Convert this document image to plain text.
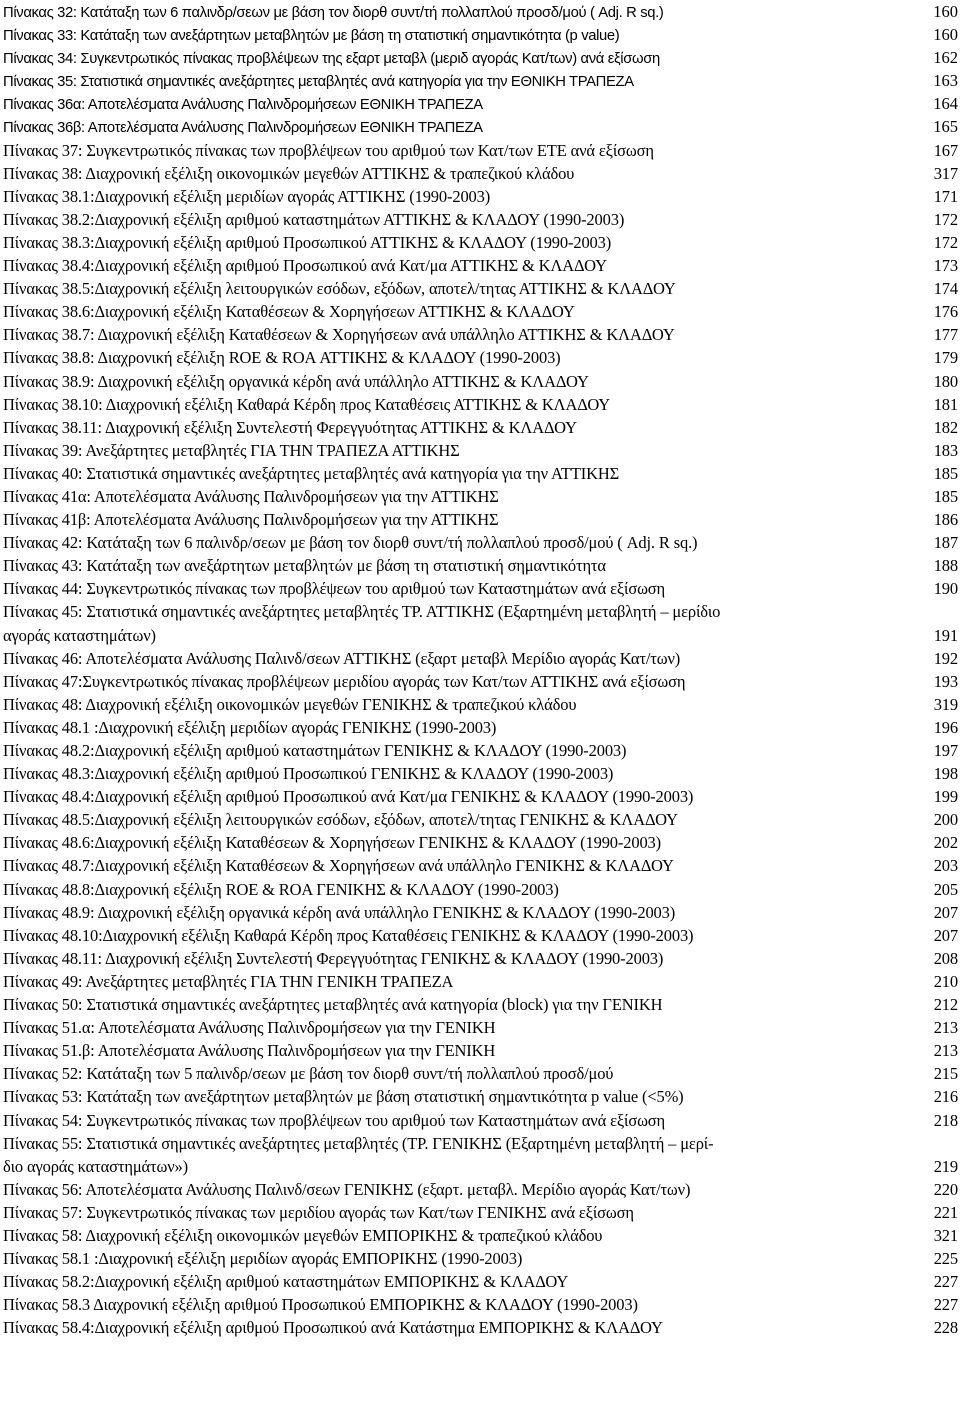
Πίνακας 32: Κατάταξη των 6 παλινδρ/σεων με βάση τον διορθ συντ/τή πολλαπλού προσδ/μού ( Adj. R sq.)	160
Πίνακας 33: Κατάταξη των ανεξάρτητων μεταβλητών με βάση τη στατιστική σημαντικότητα (p value)	160
Πίνακας 34: Συγκεντρωτικός πίνακας προβλέψεων της εξαρτ μεταβλ (μεριδ αγοράς Κατ/των) ανά εξίσωση	162
Πίνακας 35: Στατιστικά σημαντικές ανεξάρτητες μεταβλητές ανά κατηγορία για την ΕΘΝΙΚΗ ΤΡΑΠΕΖΑ	163
Πίνακας 36α: Αποτελέσματα Ανάλυσης Παλινδρομήσεων ΕΘΝΙΚΗ ΤΡΑΠΕΖΑ	164
Πίνακας 36β: Αποτελέσματα Ανάλυσης Παλινδρομήσεων ΕΘΝΙΚΗ ΤΡΑΠΕΖΑ	165
Πίνακας 37: Συγκεντρωτικός πίνακας των προβλέψεων του αριθμού των Κατ/των ΕΤΕ ανά εξίσωση	167
Πίνακας 38: Διαχρονική εξέλιξη οικονομικών μεγεθών ΑΤΤΙΚΗΣ & τραπεζικού κλάδου	317
Πίνακας 38.1:Διαχρονική εξέλιξη μεριδίων αγοράς ΑΤΤΙΚΗΣ (1990-2003)	171
Πίνακας 38.2:Διαχρονική εξέλιξη αριθμού καταστημάτων ΑΤΤΙΚΗΣ & ΚΛΑΔΟΥ (1990-2003)	172
Πίνακας 38.3:Διαχρονική εξέλιξη αριθμού Προσωπικού ΑΤΤΙΚΗΣ & ΚΛΑΔΟΥ (1990-2003)	172
Πίνακας 38.4:Διαχρονική εξέλιξη αριθμού Προσωπικού ανά Κατ/μα ΑΤΤΙΚΗΣ & ΚΛΑΔΟΥ	173
Πίνακας 38.5:Διαχρονική εξέλιξη λειτουργικών εσόδων, εξόδων, αποτελ/τητας ΑΤΤΙΚΗΣ & ΚΛΑΔΟΥ	174
Πίνακας 38.6:Διαχρονική εξέλιξη Καταθέσεων & Χορηγήσεων ΑΤΤΙΚΗΣ & ΚΛΑΔΟΥ	176
Πίνακας 38.7: Διαχρονική εξέλιξη Καταθέσεων & Χορηγήσεων ανά υπάλληλο ΑΤΤΙΚΗΣ & ΚΛΑΔΟΥ	177
Πίνακας 38.8: Διαχρονική εξέλιξη ROE & ROA ΑΤΤΙΚΗΣ & ΚΛΑΔΟΥ (1990-2003)	179
Πίνακας 38.9: Διαχρονική εξέλιξη οργανικά κέρδη ανά υπάλληλο ΑΤΤΙΚΗΣ & ΚΛΑΔΟΥ	180
Πίνακας 38.10: Διαχρονική εξέλιξη Καθαρά Κέρδη προς Καταθέσεις ΑΤΤΙΚΗΣ & ΚΛΑΔΟΥ	181
Πίνακας 38.11: Διαχρονική εξέλιξη Συντελεστή Φερεγγυότητας ΑΤΤΙΚΗΣ & ΚΛΑΔΟΥ	182
Πίνακας 39: Ανεξάρτητες μεταβλητές ΓΙΑ ΤΗΝ ΤΡΑΠΕΖΑ ΑΤΤΙΚΗΣ	183
Πίνακας 40: Στατιστικά σημαντικές ανεξάρτητες μεταβλητές ανά κατηγορία για την ΑΤΤΙΚΗΣ	185
Πίνακας 41α: Αποτελέσματα Ανάλυσης Παλινδρομήσεων για την ΑΤΤΙΚΗΣ	185
Πίνακας 41β: Αποτελέσματα Ανάλυσης Παλινδρομήσεων για την ΑΤΤΙΚΗΣ	186
Πίνακας 42: Κατάταξη των 6 παλινδρ/σεων με βάση τον διορθ συντ/τή πολλαπλού προσδ/μού ( Adj. R sq.)	187
Πίνακας 43: Κατάταξη των ανεξάρτητων μεταβλητών με βάση τη στατιστική σημαντικότητα	188
Πίνακας 44: Συγκεντρωτικός πίνακας των προβλέψεων του αριθμού των Καταστημάτων ανά εξίσωση	190
Πίνακας 45: Στατιστικά σημαντικές ανεξάρτητες μεταβλητές ΤΡ. ΑΤΤΙΚΗΣ (Εξαρτημένη μεταβλητή – μερίδιο
αγοράς καταστημάτων)	191
Πίνακας 46: Αποτελέσματα Ανάλυσης Παλινδ/σεων ΑΤΤΙΚΗΣ (εξαρτ μεταβλ Μερίδιο αγοράς Κατ/των)	192
Πίνακας 47:Συγκεντρωτικός πίνακας προβλέψεων μεριδίου αγοράς των Κατ/των ΑΤΤΙΚΗΣ ανά εξίσωση	193
Πίνακας 48: Διαχρονική εξέλιξη οικονομικών μεγεθών ΓΕΝΙΚΗΣ & τραπεζικού κλάδου	319
Πίνακας 48.1 :Διαχρονική εξέλιξη μεριδίων αγοράς ΓΕΝΙΚΗΣ (1990-2003)	196
Πίνακας 48.2:Διαχρονική εξέλιξη αριθμού καταστημάτων ΓΕΝΙΚΗΣ & ΚΛΑΔΟΥ (1990-2003)	197
Πίνακας 48.3:Διαχρονική εξέλιξη αριθμού Προσωπικού ΓΕΝΙΚΗΣ & ΚΛΑΔΟΥ (1990-2003)	198
Πίνακας 48.4:Διαχρονική εξέλιξη αριθμού Προσωπικού ανά Κατ/μα ΓΕΝΙΚΗΣ & ΚΛΑΔΟΥ (1990-2003)	199
Πίνακας 48.5:Διαχρονική εξέλιξη λειτουργικών εσόδων, εξόδων, αποτελ/τητας ΓΕΝΙΚΗΣ & ΚΛΑΔΟΥ	200
Πίνακας 48.6:Διαχρονική εξέλιξη Καταθέσεων & Χορηγήσεων ΓΕΝΙΚΗΣ & ΚΛΑΔΟΥ (1990-2003)	202
Πίνακας 48.7:Διαχρονική εξέλιξη Καταθέσεων & Χορηγήσεων ανά υπάλληλο ΓΕΝΙΚΗΣ & ΚΛΑΔΟΥ	203
Πίνακας 48.8:Διαχρονική εξέλιξη ROE & ROA ΓΕΝΙΚΗΣ & ΚΛΑΔΟΥ (1990-2003)	205
Πίνακας 48.9: Διαχρονική εξέλιξη οργανικά κέρδη ανά υπάλληλο ΓΕΝΙΚΗΣ & ΚΛΑΔΟΥ (1990-2003)	207
Πίνακας 48.10:Διαχρονική εξέλιξη Καθαρά Κέρδη προς Καταθέσεις ΓΕΝΙΚΗΣ & ΚΛΑΔΟΥ (1990-2003)	207
Πίνακας 48.11: Διαχρονική εξέλιξη Συντελεστή Φερεγγυότητας ΓΕΝΙΚΗΣ & ΚΛΑΔΟΥ (1990-2003)	208
Πίνακας 49: Ανεξάρτητες μεταβλητές ΓΙΑ ΤΗΝ ΓΕΝΙΚΗ ΤΡΑΠΕΖΑ	210
Πίνακας 50: Στατιστικά σημαντικές ανεξάρτητες μεταβλητές ανά κατηγορία (block) για την ΓΕΝΙΚΗ	212
Πίνακας 51.α: Αποτελέσματα Ανάλυσης Παλινδρομήσεων για την ΓΕΝΙΚΗ	213
Πίνακας 51.β: Αποτελέσματα Ανάλυσης Παλινδρομήσεων για την ΓΕΝΙΚΗ	213
Πίνακας 52: Κατάταξη των 5 παλινδρ/σεων με βάση τον διορθ συντ/τή πολλαπλού προσδ/μού	215
Πίνακας 53: Κατάταξη των ανεξάρτητων μεταβλητών με βάση στατιστική σημαντικότητα p value (<5%)	216
Πίνακας 54: Συγκεντρωτικός πίνακας των προβλέψεων του αριθμού των Καταστημάτων ανά εξίσωση	218
Πίνακας 55: Στατιστικά σημαντικές ανεξάρτητες μεταβλητές (ΤΡ. ΓΕΝΙΚΗΣ (Εξαρτημένη μεταβλητή – μερί-
διο αγοράς καταστημάτων»)	219
Πίνακας 56: Αποτελέσματα Ανάλυσης Παλινδ/σεων ΓΕΝΙΚΗΣ (εξαρτ. μεταβλ. Μερίδιο αγοράς Κατ/των)	220
Πίνακας 57: Συγκεντρωτικός πίνακας των μεριδίου αγοράς των Κατ/των ΓΕΝΙΚΗΣ ανά εξίσωση	221
Πίνακας 58: Διαχρονική εξέλιξη οικονομικών μεγεθών ΕΜΠΟΡΙΚΗΣ & τραπεζικού κλάδου	321
Πίνακας 58.1 :Διαχρονική εξέλιξη μεριδίων αγοράς ΕΜΠΟΡΙΚΗΣ (1990-2003)	225
Πίνακας 58.2:Διαχρονική εξέλιξη αριθμού καταστημάτων ΕΜΠΟΡΙΚΗΣ & ΚΛΑΔΟΥ	227
Πίνακας 58.3 Διαχρονική εξέλιξη αριθμού Προσωπικού ΕΜΠΟΡΙΚΗΣ & ΚΛΑΔΟΥ (1990-2003)	227
Πίνακας 58.4:Διαχρονική εξέλιξη αριθμού Προσωπικού ανά Κατάστημα ΕΜΠΟΡΙΚΗΣ & ΚΛΑΔΟΥ	228
